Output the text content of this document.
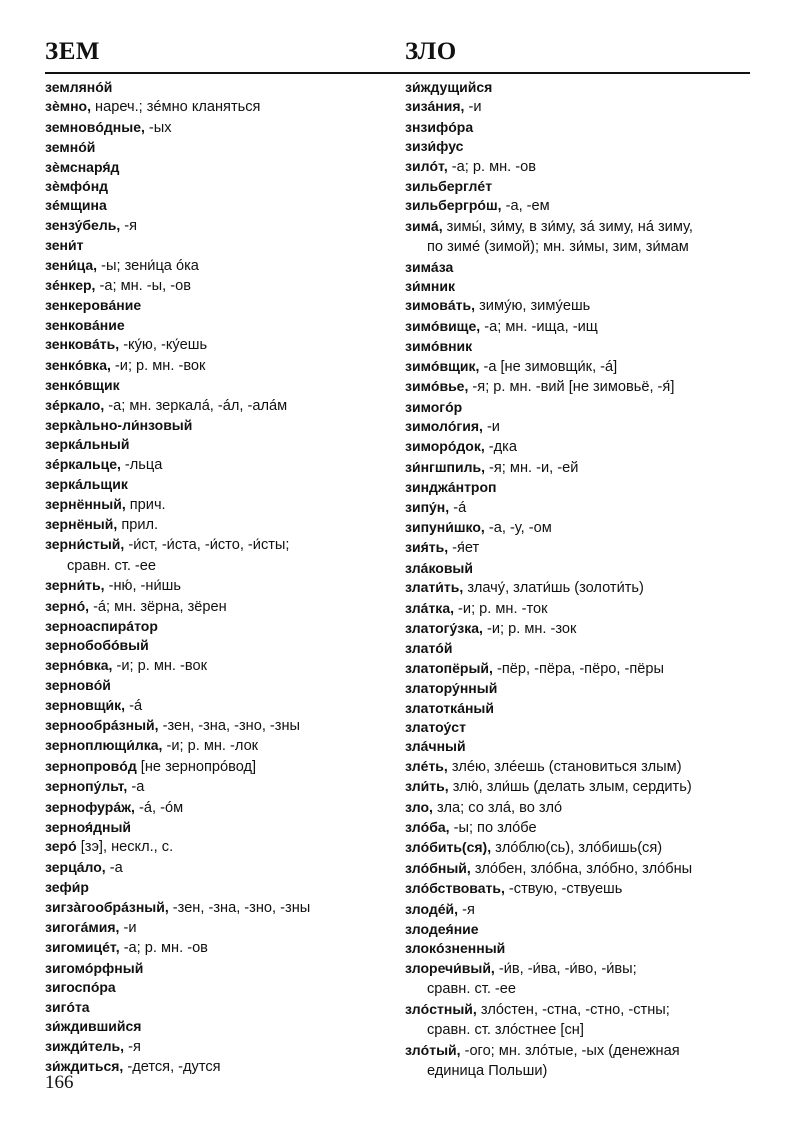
ЗЕМ	ЗЛО
землянóй
зèмно, нареч.; зéмно кланяться
земновóдные, -ых
земнóй
зèмснаря́д
зèмфóнд
зéмщина
зензу́бель, -я
зени́т
зени́ца, -ы; зени́ца óка
зéнкер, -а; мн. -ы, -ов
зенкеровáние
зенковáние
зенковáть, -ку́ю, -ку́ешь
зенкóвка, -и; р. мн. -вок
зенкóвщик
зéркало, -а; мн. зеркалá, -áл, -алáм
зеркàльно-ли́нзовый
зеркáльный
зéркальце, -льца
зеркáльщик
зернённый, прич.
зернёный, прил.
зерни́стый, -и́ст, -и́ста, -и́сто, -и́сты;
сравн. ст. -ее
зерни́ть, -ню́, -ни́шь
зернó, -á; мн. зёрна, зёрен
зерноаспирáтор
зернобобóвый
зернóвка, -и; р. мн. -вок
зерновóй
зерновщи́к, -á
зернообрáзный, -зен, -зна, -зно, -зны
зерноплющи́лка, -и; р. мн. -лок
зернопровóд [не зернопрóвод]
зернопу́льт, -а
зернофурáж, -á, -óм
зерноя́дный
зерó [зэ], нескл., с.
зерцáло, -а
зефи́р
зигзàгообрáзный, -зен, -зна, -зно, -зны
зигогáмия, -и
зигомицéт, -а; р. мн. -ов
зигомóрфный
зигоспóра
зигóта
зи́ждившийся
зижди́тель, -я
зи́ждиться, -дется, -дутся
зи́ждущийся
зизáния, -и
знзифóра
зизи́фус
зилóт, -а; р. мн. -ов
зильберглéт
зильбергрóш, -а, -ем
зимá, зимы́, зи́му, в зи́му, зá зиму, нá зиму,
по зимé (зимой); мн. зи́мы, зим, зи́мам
зимáза
зи́мник
зимовáть, зиму́ю, зиму́ешь
зимóвище, -а; мн. -ища, -ищ
зимóвник
зимóвщик, -а [не зимовщи́к, -á]
зимóвье, -я; р. мн. -вий [не зимовьё, -я́]
зимогóр
зимолóгия, -и
зиморóдок, -дка
зи́нгшпиль, -я; мн. -и, -ей
зинджáнтроп
зипу́н, -á
зипуни́шко, -а, -у, -ом
зия́ть, -я́ет
злáковый
злати́ть, злачу́, злати́шь (золоти́ть)
злáтка, -и; р. мн. -ток
златогу́зка, -и; р. мн. -зок
златóй
златопёрый, -пёр, -пёра, -пёро, -пёры
златору́нный
златоткáный
златоу́ст
злáчный
злéть, злéю, злéешь (становиться злым)
зли́ть, злю́, зли́шь (делать злым, сердить)
зло, зла; со злá, во злó
злóба, -ы; по злóбе
злóбить(ся), злóблю(сь), злóбишь(ся)
злóбный, злóбен, злóбна, злóбно, злóбны
злóбствовать, -ствую, -ствуешь
злодéй, -я
злодея́ние
злокóзненный
злоречи́вый, -и́в, -и́ва, -и́во, -и́вы;
сравн. ст. -ее
злóстный, злóстен, -стна, -стно, -стны;
сравн. ст. злóстнее [сн]
злóтый, -ого; мн. злóтые, -ых (денежная
единица Польши)
166
